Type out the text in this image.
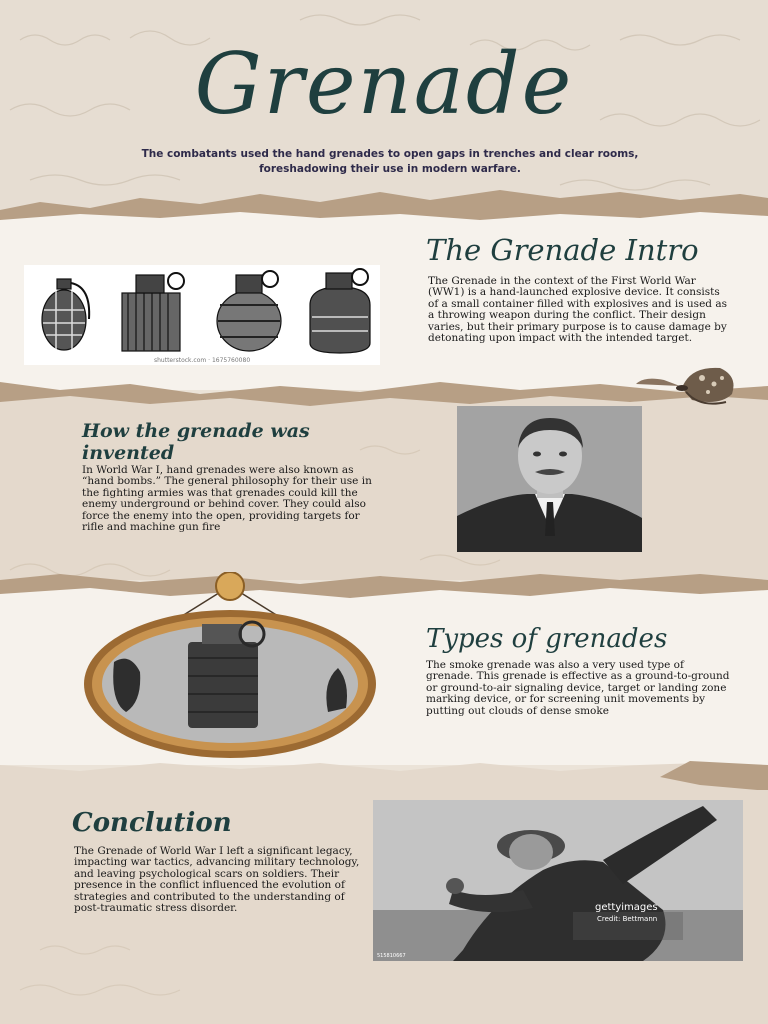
Grenade
The combatants used the hand grenades to open gaps in trenches and clear rooms, foreshadowing their use in modern warfare.
shutterstock.com · 1675760080
The Grenade Intro
The Grenade in the context of the First World War (WW1) is a hand-launched explosive device. It consists of a small container filled with explosives and is used as a throwing weapon during the conflict. Their design varies, but their primary purpose is to cause damage by detonating upon impact with the intended target.
How the grenade was invented
In World War I, hand grenades were also known as “hand bombs.” The general philosophy for their use in the fighting armies was that grenades could kill the enemy underground or behind cover. They could also force the enemy into the open, providing targets for rifle and machine gun fire
Types of grenades
The smoke grenade was also a very used type of grenade. This grenade is effective as a ground-to-ground or ground-to-air signaling device, target or landing zone marking device, or for screening unit movements by putting out clouds of dense smoke
Conclution
The Grenade of World War I left a significant legacy, impacting war tactics, advancing military technology, and leaving psychological scars on soldiers. Their presence in the conflict influenced the evolution of strategies and contributed to the understanding of post-traumatic stress disorder.	gettyimages
Credit: Bettmann
515810667
